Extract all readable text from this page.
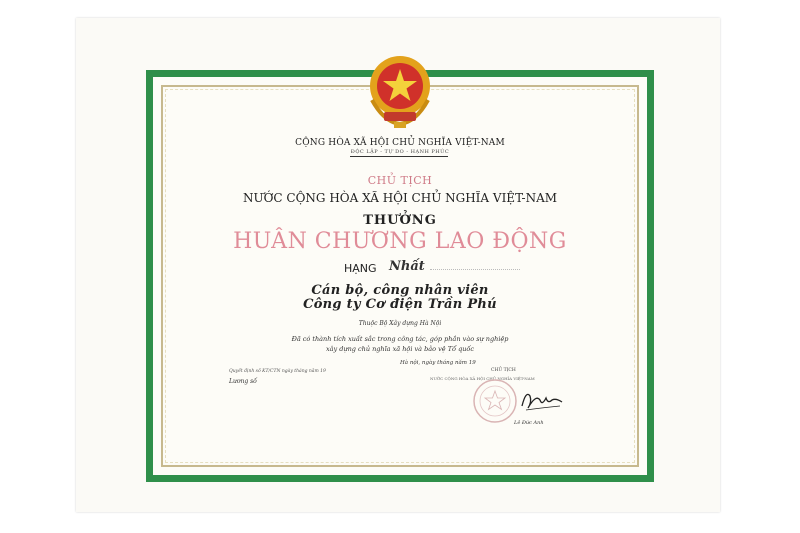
CỘNG HÒA XÃ HỘI CHỦ NGHĨA VIỆT-NAM
ĐỘC LẬP - TỰ DO - HẠNH PHÚC
CHỦ TỊCH
NƯỚC CỘNG HÒA XÃ HỘI CHỦ NGHĨA VIỆT-NAM
THƯỞNG
HUÂN CHƯƠNG LAO ĐỘNG
HẠNG Nhất
Cán bộ, công nhân viên
Công ty Cơ điện Trần Phú
Thuộc Bộ Xây dựng Hà Nội
Đã có thành tích xuất sắc trong công tác, góp phần vào sự nghiệp
xây dựng chủ nghĩa xã hội và bảo vệ Tổ quốc
Hà nội, ngày tháng năm 19
CHỦ TỊCH
NƯỚC CỘNG HÒA XÃ HỘI CHỦ NGHĨA VIỆT-NAM
Quyết định số KT/CTN ngày tháng năm 19
Lương số
Lê Đức Anh
